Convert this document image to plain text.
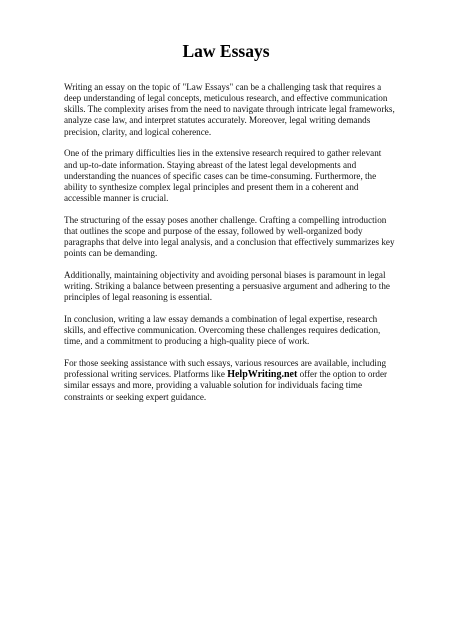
Law Essays

Writing an essay on the topic of "Law Essays" can be a challenging task that requires a deep understanding of legal concepts, meticulous research, and effective communication skills. The complexity arises from the need to navigate through intricate legal frameworks, analyze case law, and interpret statutes accurately. Moreover, legal writing demands precision, clarity, and logical coherence.

One of the primary difficulties lies in the extensive research required to gather relevant and up-to-date information. Staying abreast of the latest legal developments and understanding the nuances of specific cases can be time-consuming. Furthermore, the ability to synthesize complex legal principles and present them in a coherent and accessible manner is crucial.

The structuring of the essay poses another challenge. Crafting a compelling introduction that outlines the scope and purpose of the essay, followed by well-organized body paragraphs that delve into legal analysis, and a conclusion that effectively summarizes key points can be demanding.

Additionally, maintaining objectivity and avoiding personal biases is paramount in legal writing. Striking a balance between presenting a persuasive argument and adhering to the principles of legal reasoning is essential.

In conclusion, writing a law essay demands a combination of legal expertise, research skills, and effective communication. Overcoming these challenges requires dedication, time, and a commitment to producing a high-quality piece of work.

For those seeking assistance with such essays, various resources are available, including professional writing services. Platforms like HelpWriting.net offer the option to order similar essays and more, providing a valuable solution for individuals facing time constraints or seeking expert guidance.
